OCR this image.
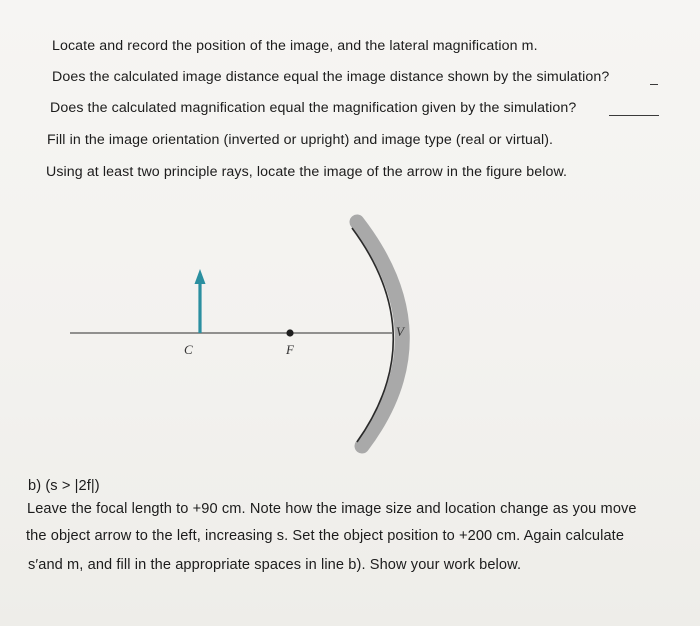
Locate and record the position of the image, and the lateral magnification m.
Does the calculated image distance equal the image distance shown by the simulation?
Does the calculated magnification equal the magnification given by the simulation?
Fill in the image orientation (inverted or upright) and image type (real or virtual).
Using at least two principle rays, locate the image of the arrow in the figure below.
C	F
V
b) (s > |2f|)
Leave the focal length to +90 cm. Note how the image size and location change as you move
the object arrow to the left, increasing s. Set the object position to +200 cm. Again calculate
s′and m, and fill in the appropriate spaces in line b). Show your work below.
